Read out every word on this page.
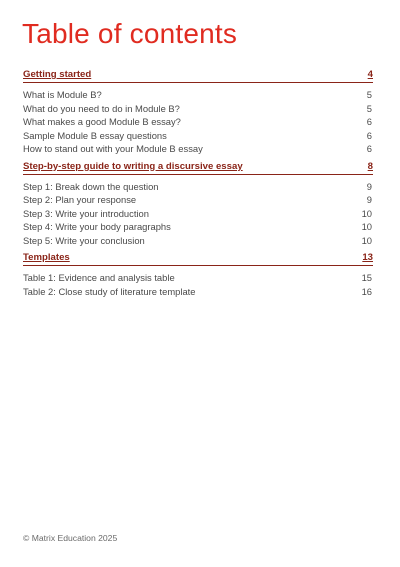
Table of contents
Getting started	4
What is Module B?	5
What do you need to do in Module B?	5
What makes a good Module B essay?	6
Sample Module B essay questions	6
How to stand out with your Module B essay	6
Step-by-step guide to writing a discursive essay	8
Step 1: Break down the question	9
Step 2: Plan your response	9
Step 3: Write your introduction	10
Step 4: Write your body paragraphs	10
Step 5: Write your conclusion	10
Templates	13
Table 1: Evidence and analysis table	15
Table 2: Close study of literature template	16
© Matrix Education 2025
